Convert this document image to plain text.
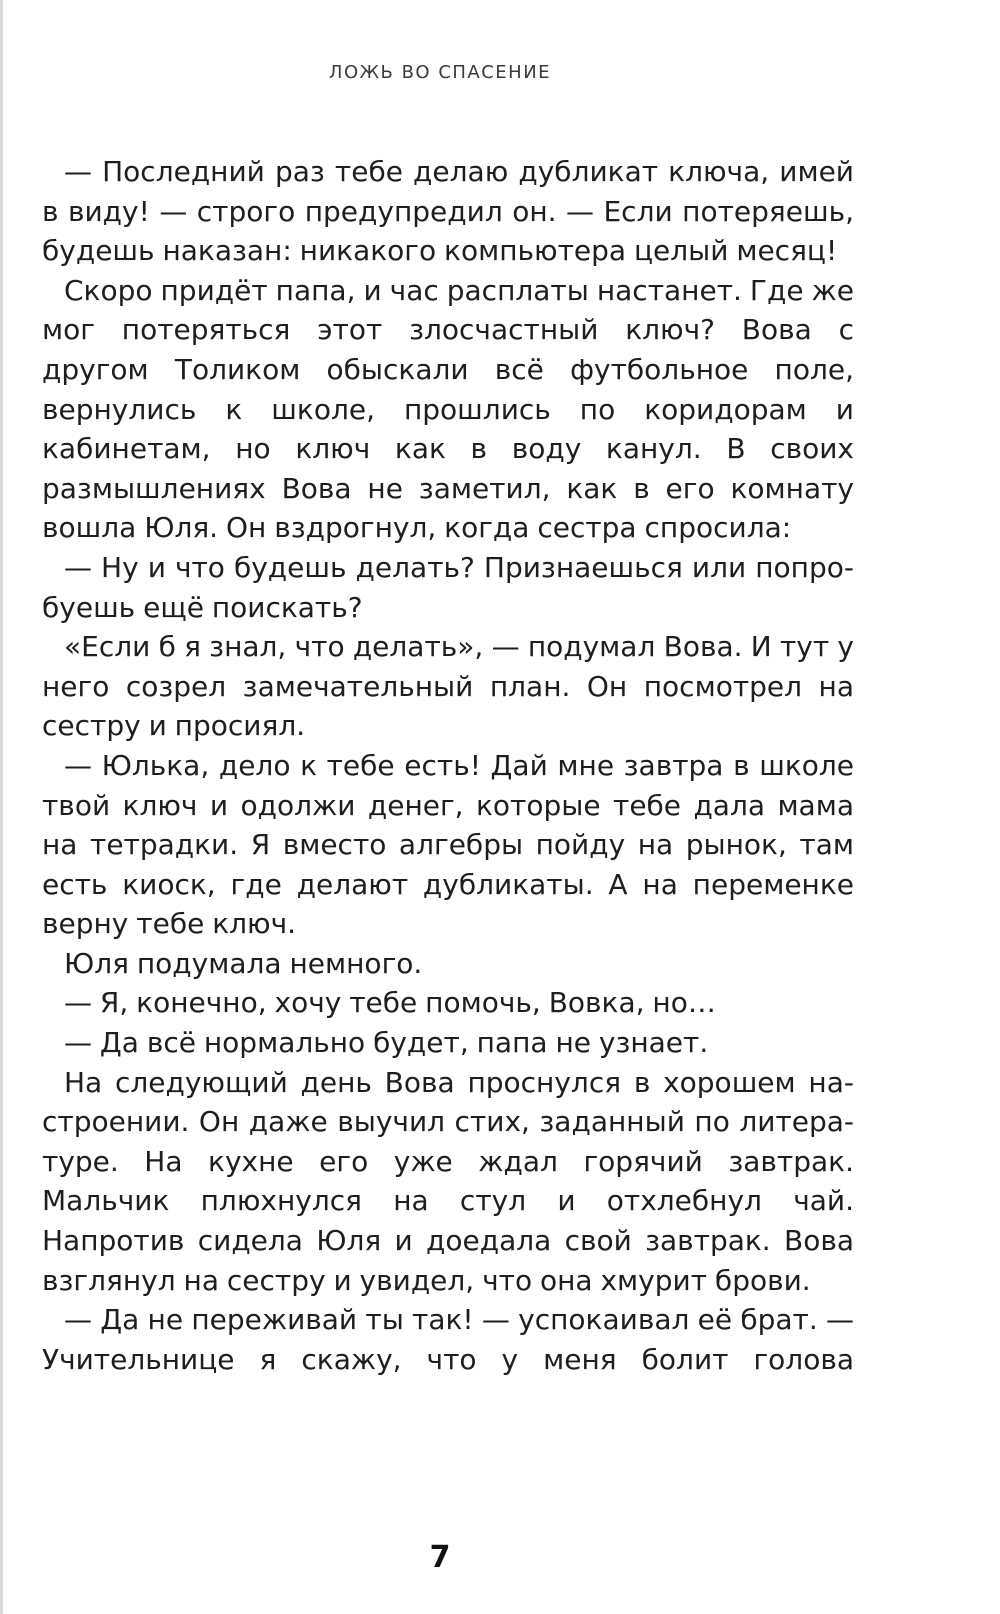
ЛОЖЬ ВО СПАСЕНИЕ

— Последний раз тебе делаю дубликат ключа, имей в виду! — строго предупредил он. — Если потеряешь, будешь наказан: никакого компьютера целый месяц!

Скоро придёт папа, и час расплаты настанет. Где же мог потеряться этот злосчастный ключ? Вова с другом Толиком обыскали всё футбольное поле, вернулись к школе, прошлись по коридорам и кабинетам, но ключ как в воду канул. В своих размышлениях Вова не заметил, как в его комнату вошла Юля. Он вздрогнул, когда сестра спросила:

— Ну и что будешь делать? Признаешься или попробуешь ещё поискать?

«Если б я знал, что делать», — подумал Вова. И тут у него созрел замечательный план. Он посмотрел на сестру и просиял.

— Юлька, дело к тебе есть! Дай мне завтра в школе твой ключ и одолжи денег, которые тебе дала мама на тетрадки. Я вместо алгебры пойду на рынок, там есть киоск, где делают дубликаты. А на переменке верну тебе ключ.

Юля подумала немного.

— Я, конечно, хочу тебе помочь, Вовка, но…

— Да всё нормально будет, папа не узнает.

На следующий день Вова проснулся в хорошем настроении. Он даже выучил стих, заданный по литературе. На кухне его уже ждал горячий завтрак. Мальчик плюхнулся на стул и отхлебнул чай. Напротив сидела Юля и доедала свой завтрак. Вова взглянул на сестру и увидел, что она хмурит брови.

— Да не переживай ты так! — успокаивал её брат. — Учительнице я скажу, что у меня болит голова

7
